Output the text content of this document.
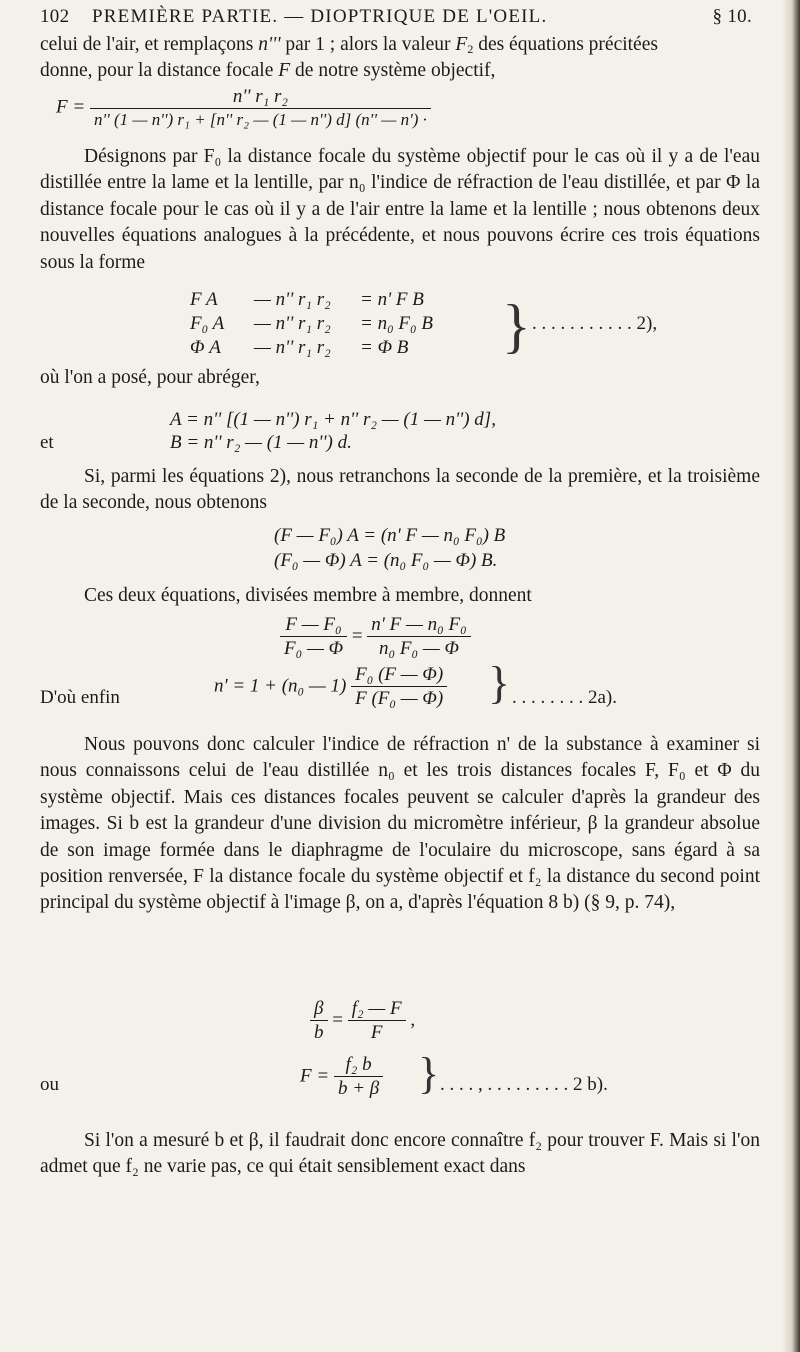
102 PREMIÈRE PARTIE. — DIOPTRIQUE DE L'OEIL.	§ 10.
celui de l'air, et remplaçons n''' par 1 ; alors la valeur $F_2$ des équations précitées
donne, pour la distance focale F de notre système objectif,
$F = \frac{\text{n'' r₁ r₂}}{\text{n'' (1 — n'') r₁ + [n'' r₂ — (1 — n'') d] (n'' — n') ·}}$
Désignons par F₀ la distance focale du système objectif pour le cas où il y a de l'eau distillée entre la lame et la lentille, par n₀ l'indice de réfraction de l'eau distillée, et par Φ la distance focale pour le cas où il y a de l'air entre la lame et la lentille ; nous obtenons deux nouvelles équations analogues à la précédente, et nous pouvons écrire ces trois équations sous la forme
F A — n'' r₁ r₂ = n' F B
F₀ A — n'' r₁ r₂ = n₀ F₀ B
Φ A — n'' r₁ r₂ = Φ B } . . . . . . . . . . . 2),
où l'on a posé, pour abréger,
A = n'' [(1 — n'') r₁ + n'' r₂ — (1 — n'') d],
et	B = n'' r₂ — (1 — n'') d.
Si, parmi les équations 2), nous retranchons la seconde de la première, et la troisième de la seconde, nous obtenons
(F — F₀) A = (n' F — n₀ F₀) B
(F₀ — Φ) A = (n₀ F₀ — Φ) B.
Ces deux équations, divisées membre à membre, donnent
$\frac{\text{F — F₀}}{\text{F₀ — Φ}} = \frac{\text{n' F — n₀ F₀}}{\text{n₀ F₀ — Φ}}$
D'où enfin
n' = 1 + (n₀ — $1) \frac{\text{F₀ (F — Φ)}}{\text{F (F₀ — Φ)}}$ } . . . . . . . . 2a).
Nous pouvons donc calculer l'indice de réfraction n' de la substance à examiner si nous connaissons celui de l'eau distillée n₀ et les trois distances focales F, F₀ et Φ du système objectif. Mais ces distances focales peuvent se calculer d'après la grandeur des images. Si b est la grandeur d'une division du micromètre inférieur, β la grandeur absolue de son image formée dans le diaphragme de l'oculaire du microscope, sans égard à sa position renversée, F la distance focale du système objectif et f₂ la distance du second point principal du système objectif à l'image β, on a, d'après l'équation 8 b) (§ 9, p. 74),
$\frac{\beta}{b} = \frac{\text{f₂ — F}}{F}$ ,
ou	$F = \frac{\text{f₂ b}}{b + \beta}$ } . . . . , . . . . . . . . . 2 b).
Si l'on a mesuré b et β, il faudrait donc encore connaître f₂ pour trouver F. Mais si l'on admet que f₂ ne varie pas, ce qui était sensiblement exact dans
